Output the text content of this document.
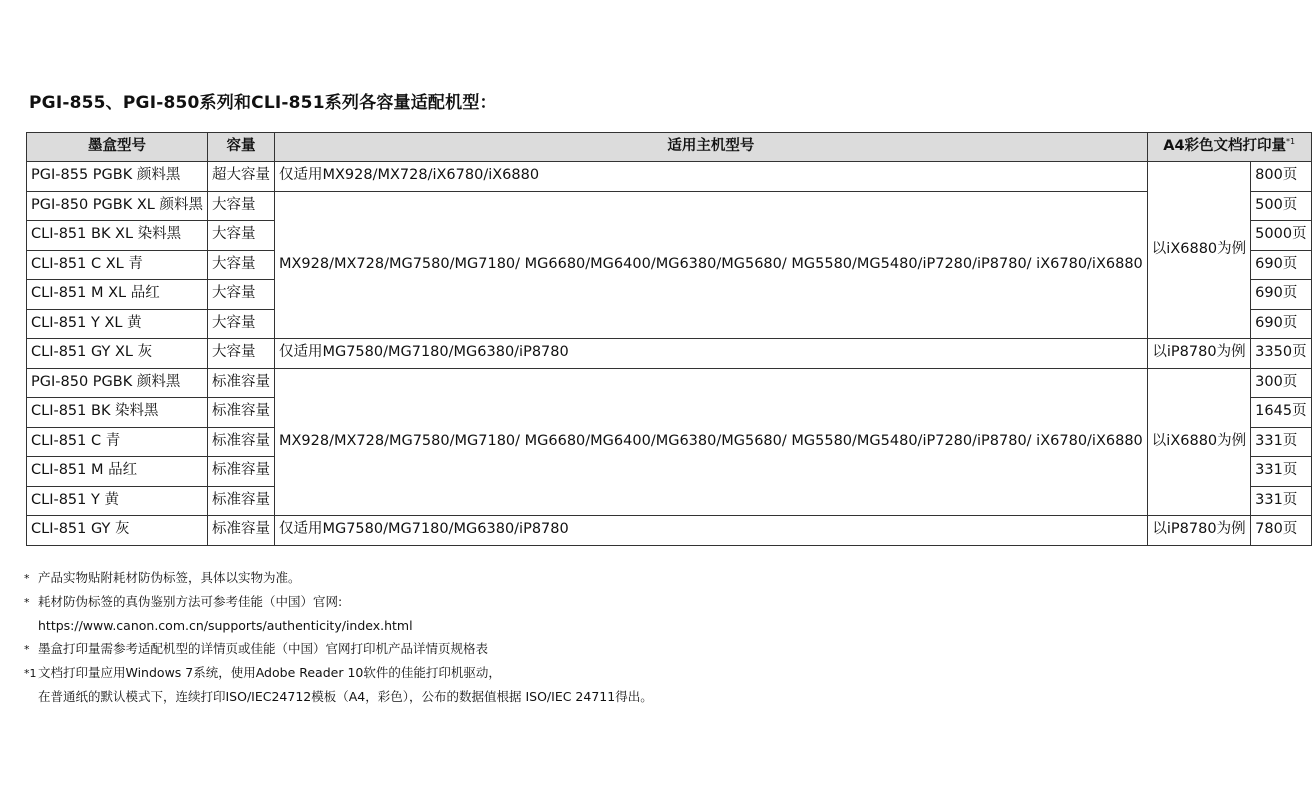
PGI-855、PGI-850系列和CLI-851系列各容量适配机型：
墨盒型号	容量	适用主机型号	A4彩色文档打印量$^{*1}$
PGI-855 PGBK 颜料黑	超大容量	仅适用MX928/MX728/iX6780/iX6880	以iX6880为例	800页
PGI-850 PGBK XL 颜料黑	大容量	MX928/MX728/MG7580/MG7180/ MG6680/MG6400/MG6380/MG5680/ MG5580/MG5480/iP7280/iP8780/ iX6780/iX6880		500页
CLI-851 BK XL 染料黑	大容量			5000页
CLI-851 C XL 青	大容量			690页
CLI-851 M XL 品红	大容量			690页
CLI-851 Y XL 黄	大容量			690页
CLI-851 GY XL 灰	大容量	仅适用MG7580/MG7180/MG6380/iP8780	以iP8780为例	3350页
PGI-850 PGBK 颜料黑	标准容量	MX928/MX728/MG7580/MG7180/ MG6680/MG6400/MG6380/MG5680/ MG5580/MG5480/iP7280/iP8780/ iX6780/iX6880	以iX6880为例	300页
CLI-851 BK 染料黑	标准容量			1645页
CLI-851 C 青	标准容量			331页
CLI-851 M 品红	标准容量			331页
CLI-851 Y 黄	标准容量			331页
CLI-851 GY 灰	标准容量	仅适用MG7580/MG7180/MG6380/iP8780	以iP8780为例	780页
* 产品实物贴附耗材防伪标签，具体以实物为准。
* 耗材防伪标签的真伪鉴别方法可参考佳能（中国）官网:
https://www.canon.com.cn/supports/authenticity/index.html
* 墨盒打印量需参考适配机型的详情页或佳能（中国）官网打印机产品详情页规格表
*1 文档打印量应用Windows 7系统，使用Adobe Reader 10软件的佳能打印机驱动，
在普通纸的默认模式下，连续打印ISO/IEC24712模板（A4，彩色），公布的数据值根据 ISO/IEC 24711得出。
